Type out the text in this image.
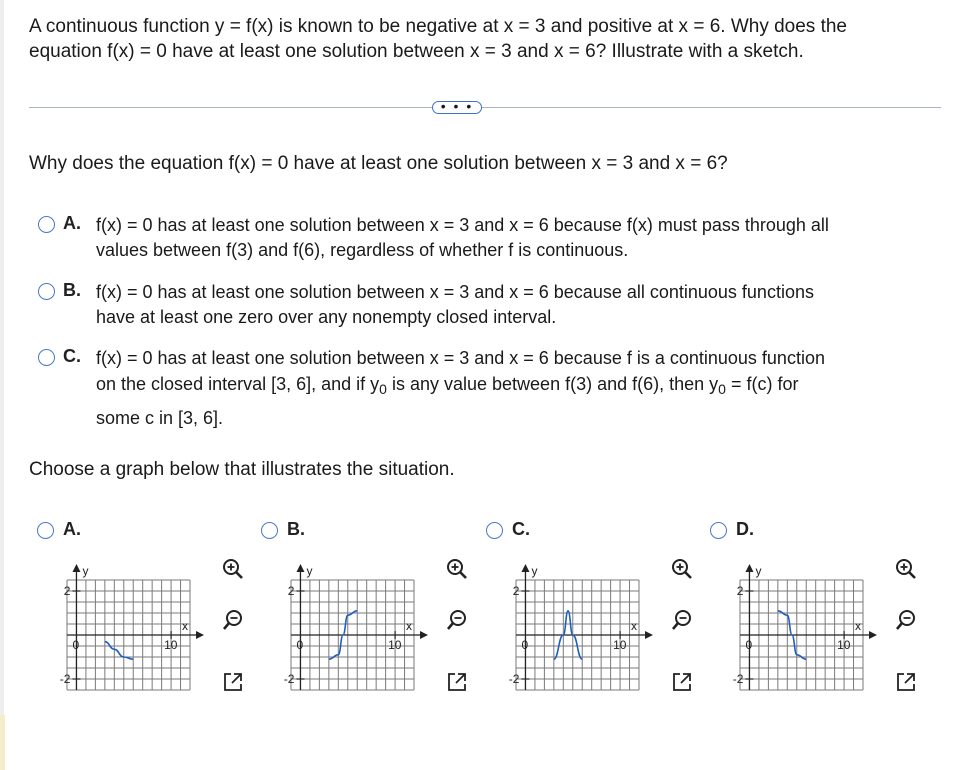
A continuous function y = f(x) is known to be negative at x = 3 and positive at x = 6. Why does the
equation f(x) = 0 have at least one solution between x = 3 and x = 6? Illustrate with a sketch.
• • •
Why does the equation f(x) = 0 have at least one solution between x = 3 and x = 6?
A. f(x) = 0 has at least one solution between x = 3 and x = 6 because f(x) must pass through all
values between f(3) and f(6), regardless of whether f is continuous.
B. f(x) = 0 has at least one solution between x = 3 and x = 6 because all continuous functions
have at least one zero over any nonempty closed interval.
C. f(x) = 0 has at least one solution between x = 3 and x = 6 because f is a continuous function
on the closed interval [3, 6], and if $y_0$ is any value between f(3) and f(6), then $y_0 = f(c)$ for
some c in [3, 6].
Choose a graph below that illustrates the situation.
A.
y
x
2
-2
0	10
B.
y
x
2
-2
0	10
C.
y
x
2
-2
0	10
D.
y
x
2
-2
0	10
